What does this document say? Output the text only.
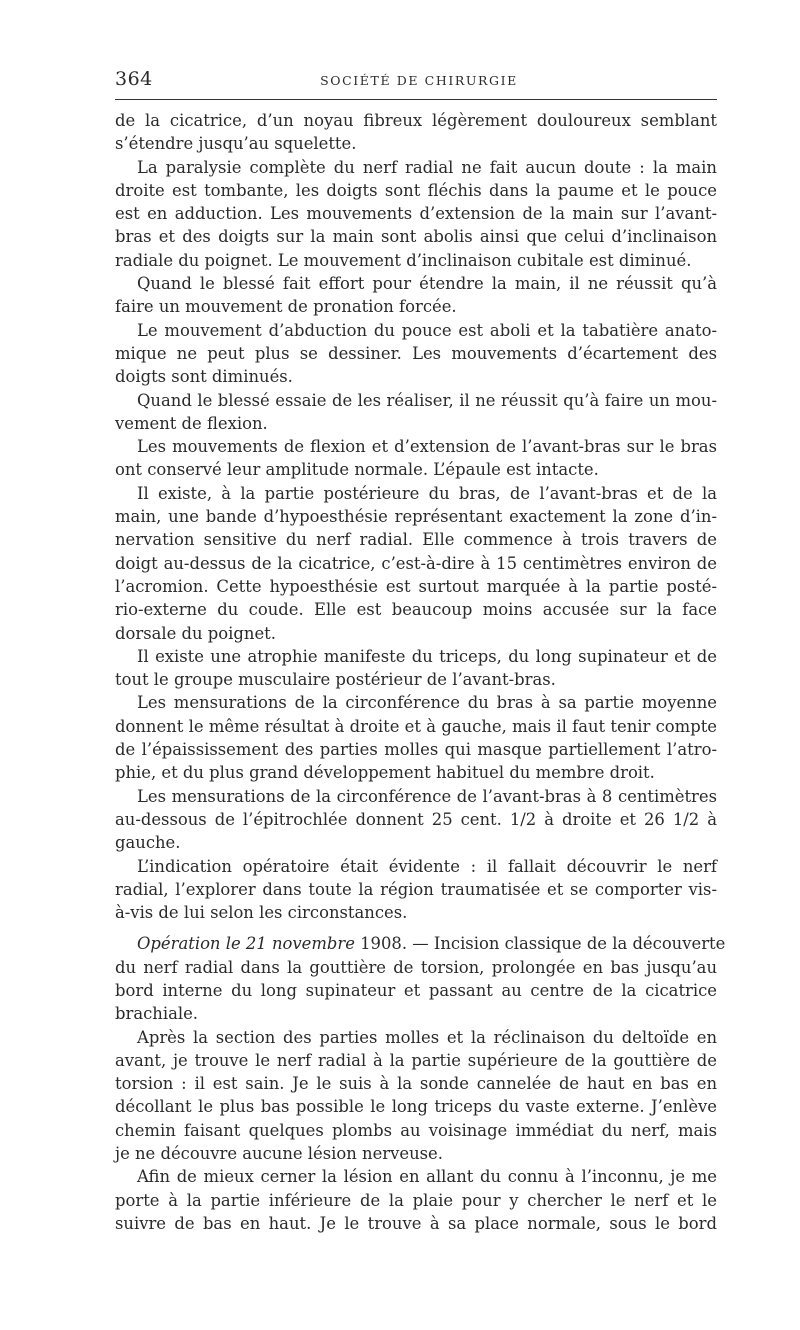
364	SOCIÉTÉ DE CHIRURGIE
de la cicatrice, d’un noyau fibreux légèrement douloureux semblant
s’étendre jusqu’au squelette.
La paralysie complète du nerf radial ne fait aucun doute : la main
droite est tombante, les doigts sont fléchis dans la paume et le pouce
est en adduction. Les mouvements d’extension de la main sur l’avant-
bras et des doigts sur la main sont abolis ainsi que celui d’inclinaison
radiale du poignet. Le mouvement d’inclinaison cubitale est diminué.
Quand le blessé fait effort pour étendre la main, il ne réussit qu’à
faire un mouvement de pronation forcée.
Le mouvement d’abduction du pouce est aboli et la tabatière anato-
mique ne peut plus se dessiner. Les mouvements d’écartement des
doigts sont diminués.
Quand le blessé essaie de les réaliser, il ne réussit qu’à faire un mou-
vement de flexion.
Les mouvements de flexion et d’extension de l’avant-bras sur le bras
ont conservé leur amplitude normale. L’épaule est intacte.
Il existe, à la partie postérieure du bras, de l’avant-bras et de la
main, une bande d’hypoesthésie représentant exactement la zone d’in-
nervation sensitive du nerf radial. Elle commence à trois travers de
doigt au-dessus de la cicatrice, c’est-à-dire à 15 centimètres environ de
l’acromion. Cette hypoesthésie est surtout marquée à la partie posté-
rio-externe du coude. Elle est beaucoup moins accusée sur la face
dorsale du poignet.
Il existe une atrophie manifeste du triceps, du long supinateur et de
tout le groupe musculaire postérieur de l’avant-bras.
Les mensurations de la circonférence du bras à sa partie moyenne
donnent le même résultat à droite et à gauche, mais il faut tenir compte
de l’épaississement des parties molles qui masque partiellement l’atro-
phie, et du plus grand développement habituel du membre droit.
Les mensurations de la circonférence de l’avant-bras à 8 centimètres
au-dessous de l’épitrochlée donnent 25 cent. 1/2 à droite et 26 1/2 à
gauche.
L’indication opératoire était évidente : il fallait découvrir le nerf
radial, l’explorer dans toute la région traumatisée et se comporter vis-
à-vis de lui selon les circonstances.
Opération le 21 novembre 1908. — Incision classique de la découverte
du nerf radial dans la gouttière de torsion, prolongée en bas jusqu’au
bord interne du long supinateur et passant au centre de la cicatrice
brachiale.
Après la section des parties molles et la réclinaison du deltoïde en
avant, je trouve le nerf radial à la partie supérieure de la gouttière de
torsion : il est sain. Je le suis à la sonde cannelée de haut en bas en
décollant le plus bas possible le long triceps du vaste externe. J’enlève
chemin faisant quelques plombs au voisinage immédiat du nerf, mais
je ne découvre aucune lésion nerveuse.
Afin de mieux cerner la lésion en allant du connu à l’inconnu, je me
porte à la partie inférieure de la plaie pour y chercher le nerf et le
suivre de bas en haut. Je le trouve à sa place normale, sous le bord
